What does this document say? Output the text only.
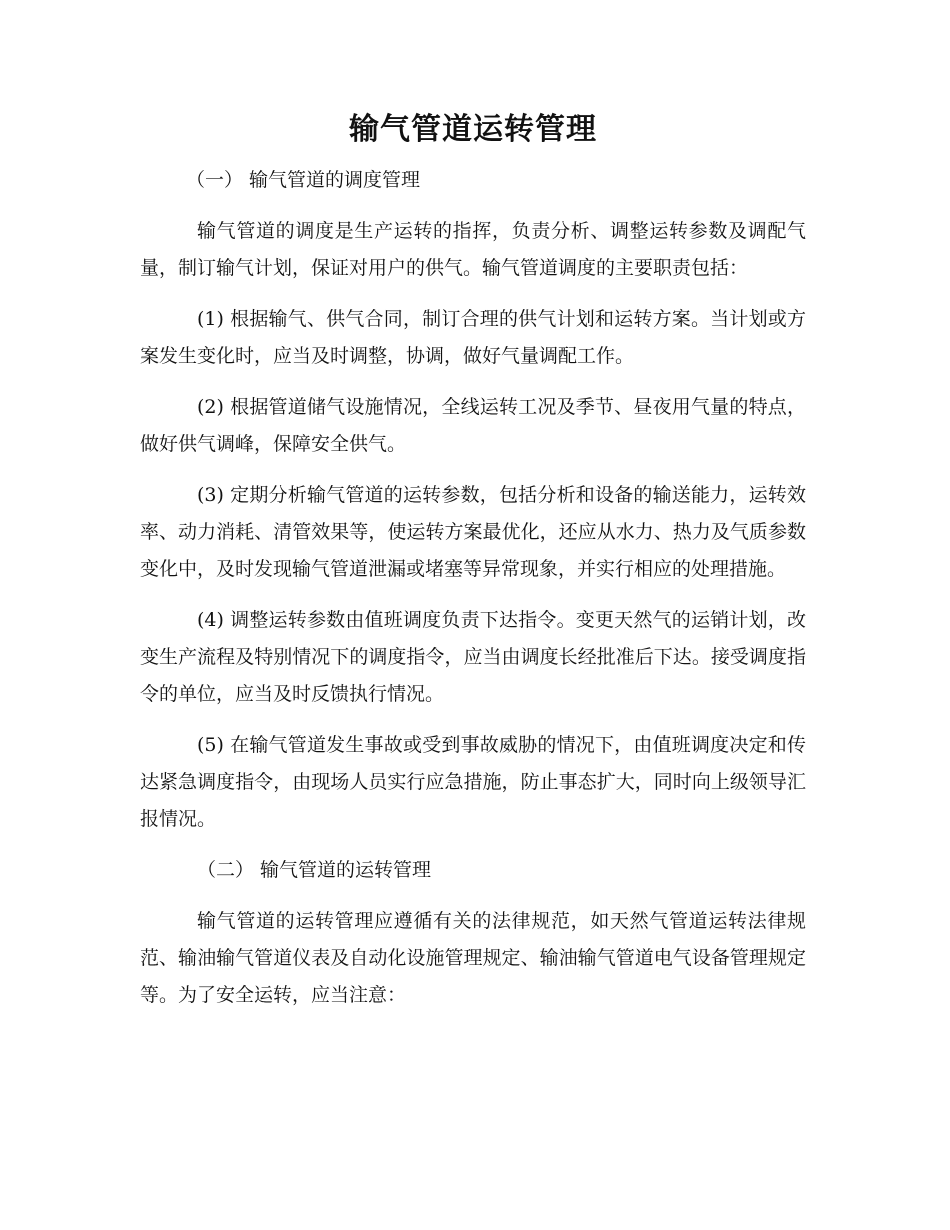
输气管道运转管理
（一） 输气管道的调度管理

输气管道的调度是生产运转的指挥，负责分析、调整运转参数及调配气量，制订输气计划，保证对用户的供气。输气管道调度的主要职责包括：

(1) 根据输气、供气合同，制订合理的供气计划和运转方案。当计划或方案发生变化时，应当及时调整，协调，做好气量调配工作。

(2) 根据管道储气设施情况，全线运转工况及季节、昼夜用气量的特点，做好供气调峰，保障安全供气。

(3) 定期分析输气管道的运转参数，包括分析和设备的输送能力，运转效率、动力消耗、清管效果等，使运转方案最优化，还应从水力、热力及气质参数变化中，及时发现输气管道泄漏或堵塞等异常现象，并实行相应的处理措施。

(4) 调整运转参数由值班调度负责下达指令。变更天然气的运销计划，改变生产流程及特别情况下的调度指令，应当由调度长经批准后下达。接受调度指令的单位，应当及时反馈执行情况。

(5) 在输气管道发生事故或受到事故威胁的情况下，由值班调度决定和传达紧急调度指令，由现场人员实行应急措施，防止事态扩大，同时向上级领导汇报情况。

（二） 输气管道的运转管理

输气管道的运转管理应遵循有关的法律规范，如天然气管道运转法律规范、输油输气管道仪表及自动化设施管理规定、输油输气管道电气设备管理规定等。为了安全运转，应当注意：
